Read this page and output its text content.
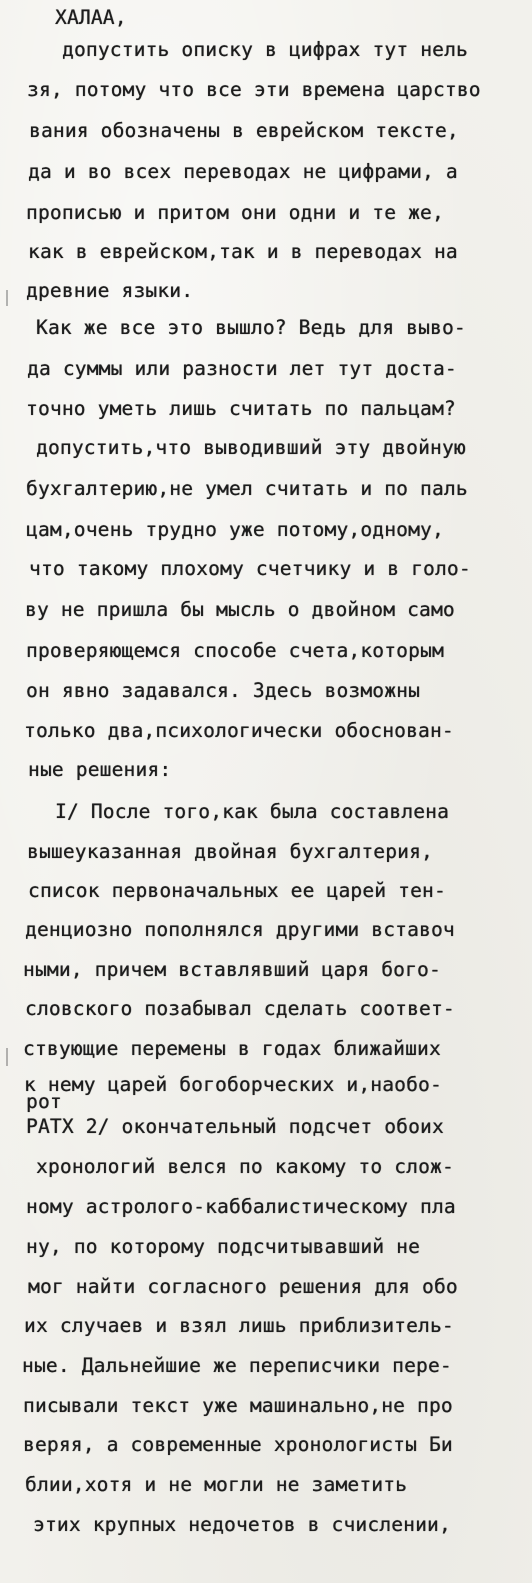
ХАЛАА,
допустить описку в цифрах тут нель
зя, потому что все эти времена царство
вания обозначены в еврейском тексте,
да и во всех переводах не цифрами, а
прописью и притом они одни и те же,
как в еврейском,так и в переводах на
древние языки.
Как же все это вышло? Ведь для выво-
да суммы или разности лет тут доста-
точно уметь лишь считать по пальцам?
допустить,что выводивший эту двойную
бухгалтерию,не умел считать и по паль
цам,очень трудно уже потому,одному,
что такому плохому счетчику и в голо-
ву не пришла бы мысль о двойном само
проверяющемся способе счета,которым
он явно задавался. Здесь возможны
только два,психологически обоснован-
ные решения:
I/ После того,как была составлена
вышеуказанная двойная бухгалтерия,
список первоначальных ее царей тен-
денциозно пополнялся другими вставоч
ными, причем вставлявший царя бого-
словского позабывал сделать соответ-
ствующие перемены в годах ближайших
к нему царей богоборческих и,наобо-
рот
РАТХ 2/ окончательный подсчет обоих
хронологий велся по какому то слож-
ному астролого-каббалистическому пла
ну, по которому подсчитывавший не
мог найти согласного решения для обо
их случаев и взял лишь приблизитель-
ные. Дальнейшие же переписчики пере-
писывали текст уже машинально,не про
веряя, а современные хронологисты Би
блии,хотя и не могли не заметить
этих крупных недочетов в счислении,
